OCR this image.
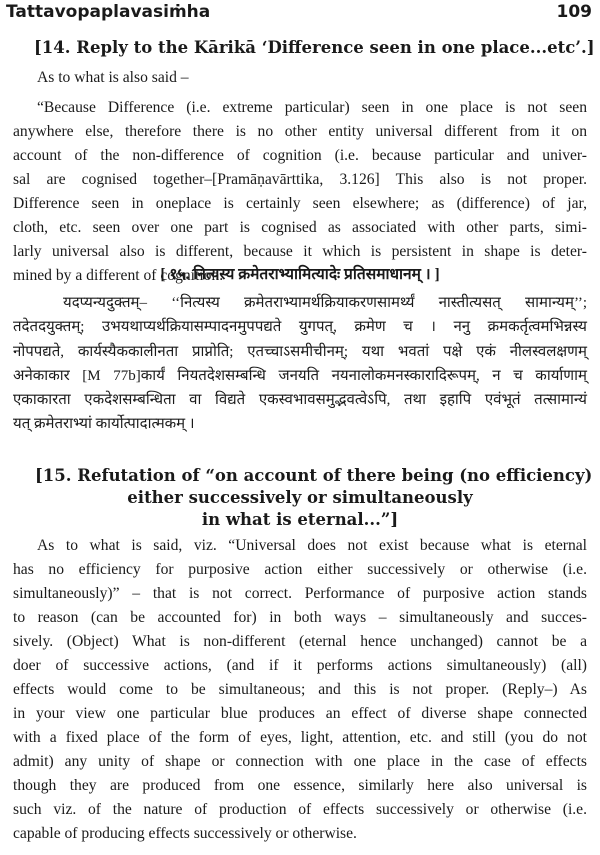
Tattavopaplavasiṁha	109
[14. Reply to the Kārikā ‘Difference seen in one place...etc’.]
As to what is also said –
“Because Difference (i.e. extreme particular) seen in one place is not seen
anywhere else, therefore there is no other entity universal different from it on
account of the non-difference of cognition (i.e. because particular and univer-
sal are cognised together–[Pramāṇavārttika, 3.126] This also is not proper.
Difference seen in oneplace is certainly seen elsewhere; as (difference) of jar,
cloth, etc. seen over one part is cognised as associated with other parts, simi-
larly universal also is different, because it which is persistent in shape is deter-
mined by a different of cognition.
[ १५. नित्यस्य क्रमेतराभ्यामित्यादेः प्रतिसमाधानम् । ]
यदप्यन्यदुक्तम्– ‘‘नित्यस्य क्रमेतराभ्यामर्थक्रियाकरणसामर्थ्यं नास्तीत्यसत् सामान्यम्’’;
तदेतदयुक्तम्; उभयथाप्यर्थक्रियासम्पादनमुपपद्यते युगपत्, क्रमेण च । ननु क्रमकर्तृत्वमभिन्नस्य
नोपपद्यते, कार्यस्यैककालीनता प्राप्नोति; एतच्चाऽसमीचीनम्; यथा भवतां पक्षे एकं नीलस्वलक्षणम्
अनेकाकार [M 77b]कार्यं नियतदेशसम्बन्धि जनयति नयनालोकमनस्कारादिरूपम्, न च कार्याणाम्
एकाकारता एकदेशसम्बन्धिता वा विद्यते एकस्वभावसमुद्भवत्वेऽपि, तथा इहापि एवंभूतं तत्सामान्यं
यत् क्रमेतराभ्यां कार्योत्पादात्मकम् ।
[15. Refutation of “on account of there being (no efficiency)
either successively or simultaneously
in what is eternal...”]
As to what is said, viz. “Universal does not exist because what is eternal
has no efficiency for purposive action either successively or otherwise (i.e.
simultaneously)” – that is not correct. Performance of purposive action stands
to reason (can be accounted for) in both ways – simultaneously and succes-
sively. (Object) What is non-different (eternal hence unchanged) cannot be a
doer of successive actions, (and if it performs actions simultaneously) (all)
effects would come to be simultaneous; and this is not proper. (Reply–) As
in your view one particular blue produces an effect of diverse shape connected
with a fixed place of the form of eyes, light, attention, etc. and still (you do not
admit) any unity of shape or connection with one place in the case of effects
though they are produced from one essence, similarly here also universal is
such viz. of the nature of production of effects successively or otherwise (i.e.
capable of producing effects successively or otherwise.
